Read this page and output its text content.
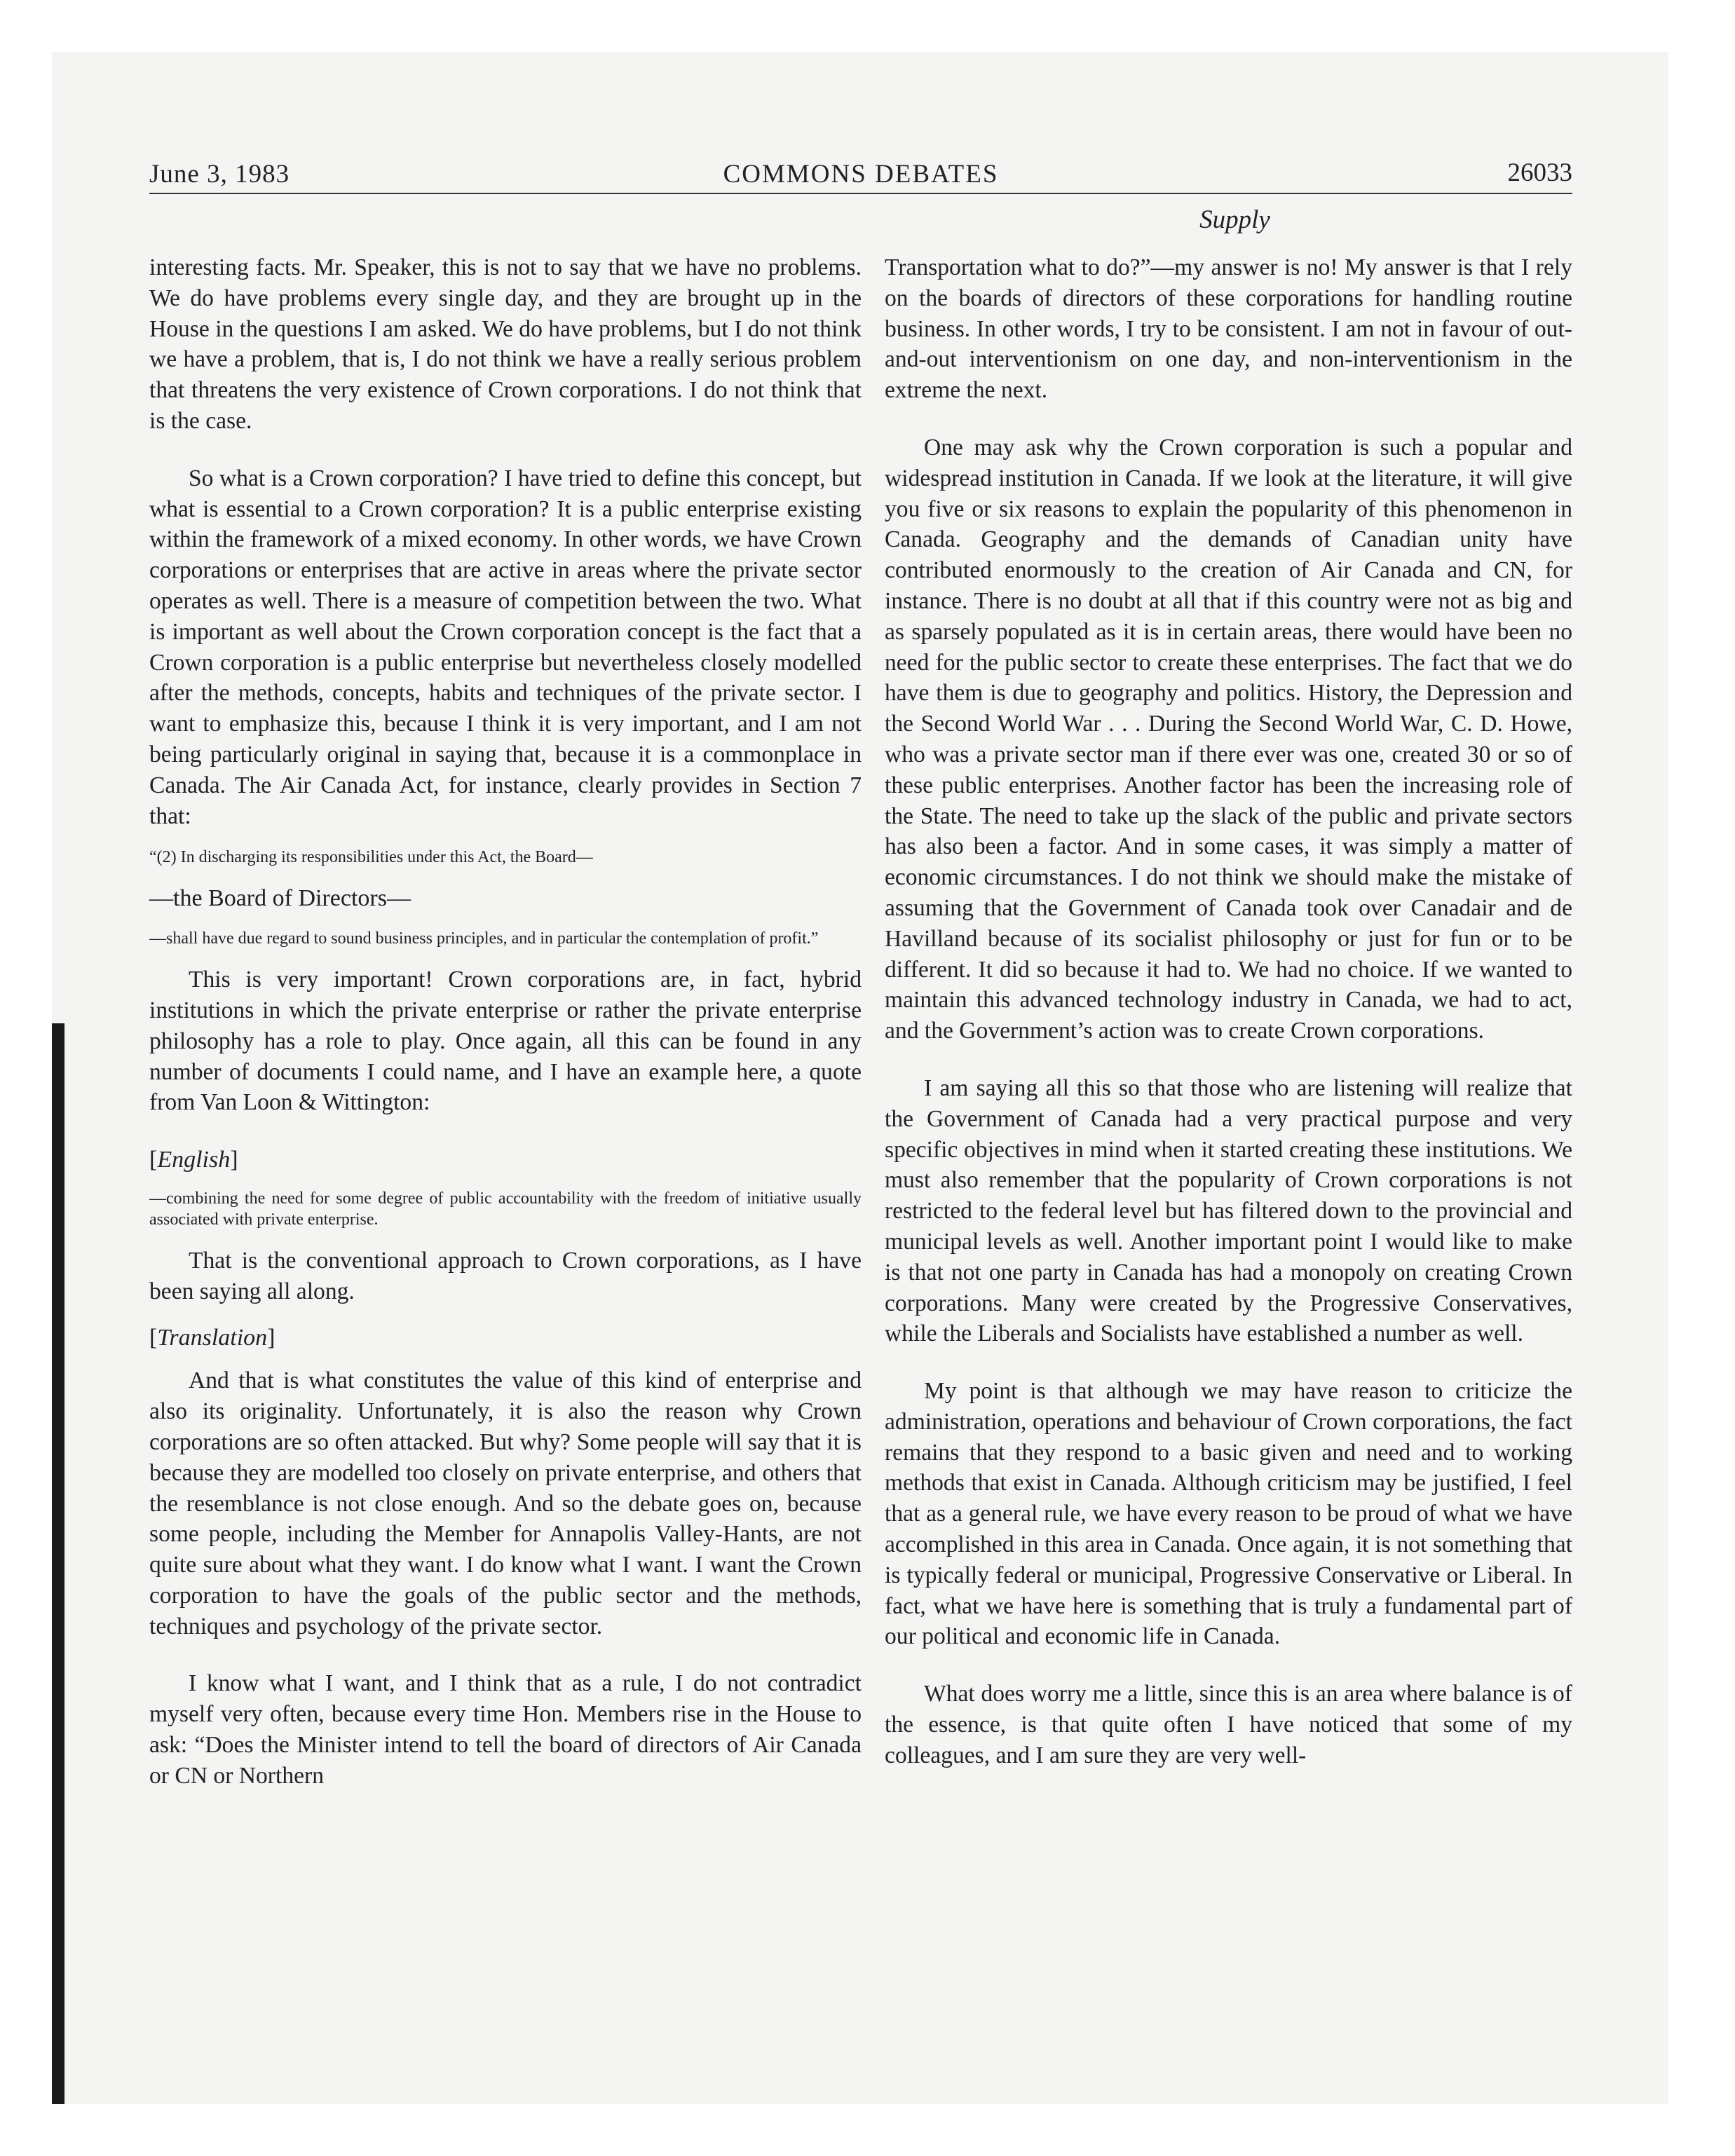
June 3, 1983	COMMONS DEBATES	26033
Supply

interesting facts. Mr. Speaker, this is not to say that we have no problems. We do have problems every single day, and they are brought up in the House in the questions I am asked. We do have problems, but I do not think we have a problem, that is, I do not think we have a really serious problem that threatens the very existence of Crown corporations. I do not think that is the case.

So what is a Crown corporation? I have tried to define this concept, but what is essential to a Crown corporation? It is a public enterprise existing within the framework of a mixed economy. In other words, we have Crown corporations or enterprises that are active in areas where the private sector operates as well. There is a measure of competition between the two. What is important as well about the Crown corporation concept is the fact that a Crown corporation is a public enterprise but nevertheless closely modelled after the methods, concepts, habits and techniques of the private sector. I want to emphasize this, because I think it is very important, and I am not being particularly original in saying that, because it is a commonplace in Canada. The Air Canada Act, for instance, clearly provides in Section 7 that:

“(2) In discharging its responsibilities under this Act, the Board—
—the Board of Directors—
—shall have due regard to sound business principles, and in particular the contemplation of profit.”

This is very important! Crown corporations are, in fact, hybrid institutions in which the private enterprise or rather the private enterprise philosophy has a role to play. Once again, all this can be found in any number of documents I could name, and I have an example here, a quote from Van Loon & Wittington:

[English]
—combining the need for some degree of public accountability with the freedom of initiative usually associated with private enterprise.

That is the conventional approach to Crown corporations, as I have been saying all along.

[Translation]

And that is what constitutes the value of this kind of enterprise and also its originality. Unfortunately, it is also the reason why Crown corporations are so often attacked. But why? Some people will say that it is because they are modelled too closely on private enterprise, and others that the resemblance is not close enough. And so the debate goes on, because some people, including the Member for Annapolis Valley-Hants, are not quite sure about what they want. I do know what I want. I want the Crown corporation to have the goals of the public sector and the methods, techniques and psychology of the private sector.

I know what I want, and I think that as a rule, I do not contradict myself very often, because every time Hon. Members rise in the House to ask: “Does the Minister intend to tell the board of directors of Air Canada or CN or Northern

Transportation what to do?”—my answer is no! My answer is that I rely on the boards of directors of these corporations for handling routine business. In other words, I try to be consistent. I am not in favour of out-and-out interventionism on one day, and non-interventionism in the extreme the next.

One may ask why the Crown corporation is such a popular and widespread institution in Canada. If we look at the literature, it will give you five or six reasons to explain the popularity of this phenomenon in Canada. Geography and the demands of Canadian unity have contributed enormously to the creation of Air Canada and CN, for instance. There is no doubt at all that if this country were not as big and as sparsely populated as it is in certain areas, there would have been no need for the public sector to create these enterprises. The fact that we do have them is due to geography and politics. History, the Depression and the Second World War . . . During the Second World War, C. D. Howe, who was a private sector man if there ever was one, created 30 or so of these public enterprises. Another factor has been the increasing role of the State. The need to take up the slack of the public and private sectors has also been a factor. And in some cases, it was simply a matter of economic circumstances. I do not think we should make the mistake of assuming that the Government of Canada took over Canadair and de Havilland because of its socialist philosophy or just for fun or to be different. It did so because it had to. We had no choice. If we wanted to maintain this advanced technology industry in Canada, we had to act, and the Government’s action was to create Crown corporations.

I am saying all this so that those who are listening will realize that the Government of Canada had a very practical purpose and very specific objectives in mind when it started creating these institutions. We must also remember that the popularity of Crown corporations is not restricted to the federal level but has filtered down to the provincial and municipal levels as well. Another important point I would like to make is that not one party in Canada has had a monopoly on creating Crown corporations. Many were created by the Progressive Conservatives, while the Liberals and Socialists have established a number as well.

My point is that although we may have reason to criticize the administration, operations and behaviour of Crown corporations, the fact remains that they respond to a basic given and need and to working methods that exist in Canada. Although criticism may be justified, I feel that as a general rule, we have every reason to be proud of what we have accomplished in this area in Canada. Once again, it is not something that is typically federal or municipal, Progressive Conservative or Liberal. In fact, what we have here is something that is truly a fundamental part of our political and economic life in Canada.

What does worry me a little, since this is an area where balance is of the essence, is that quite often I have noticed that some of my colleagues, and I am sure they are very well-
